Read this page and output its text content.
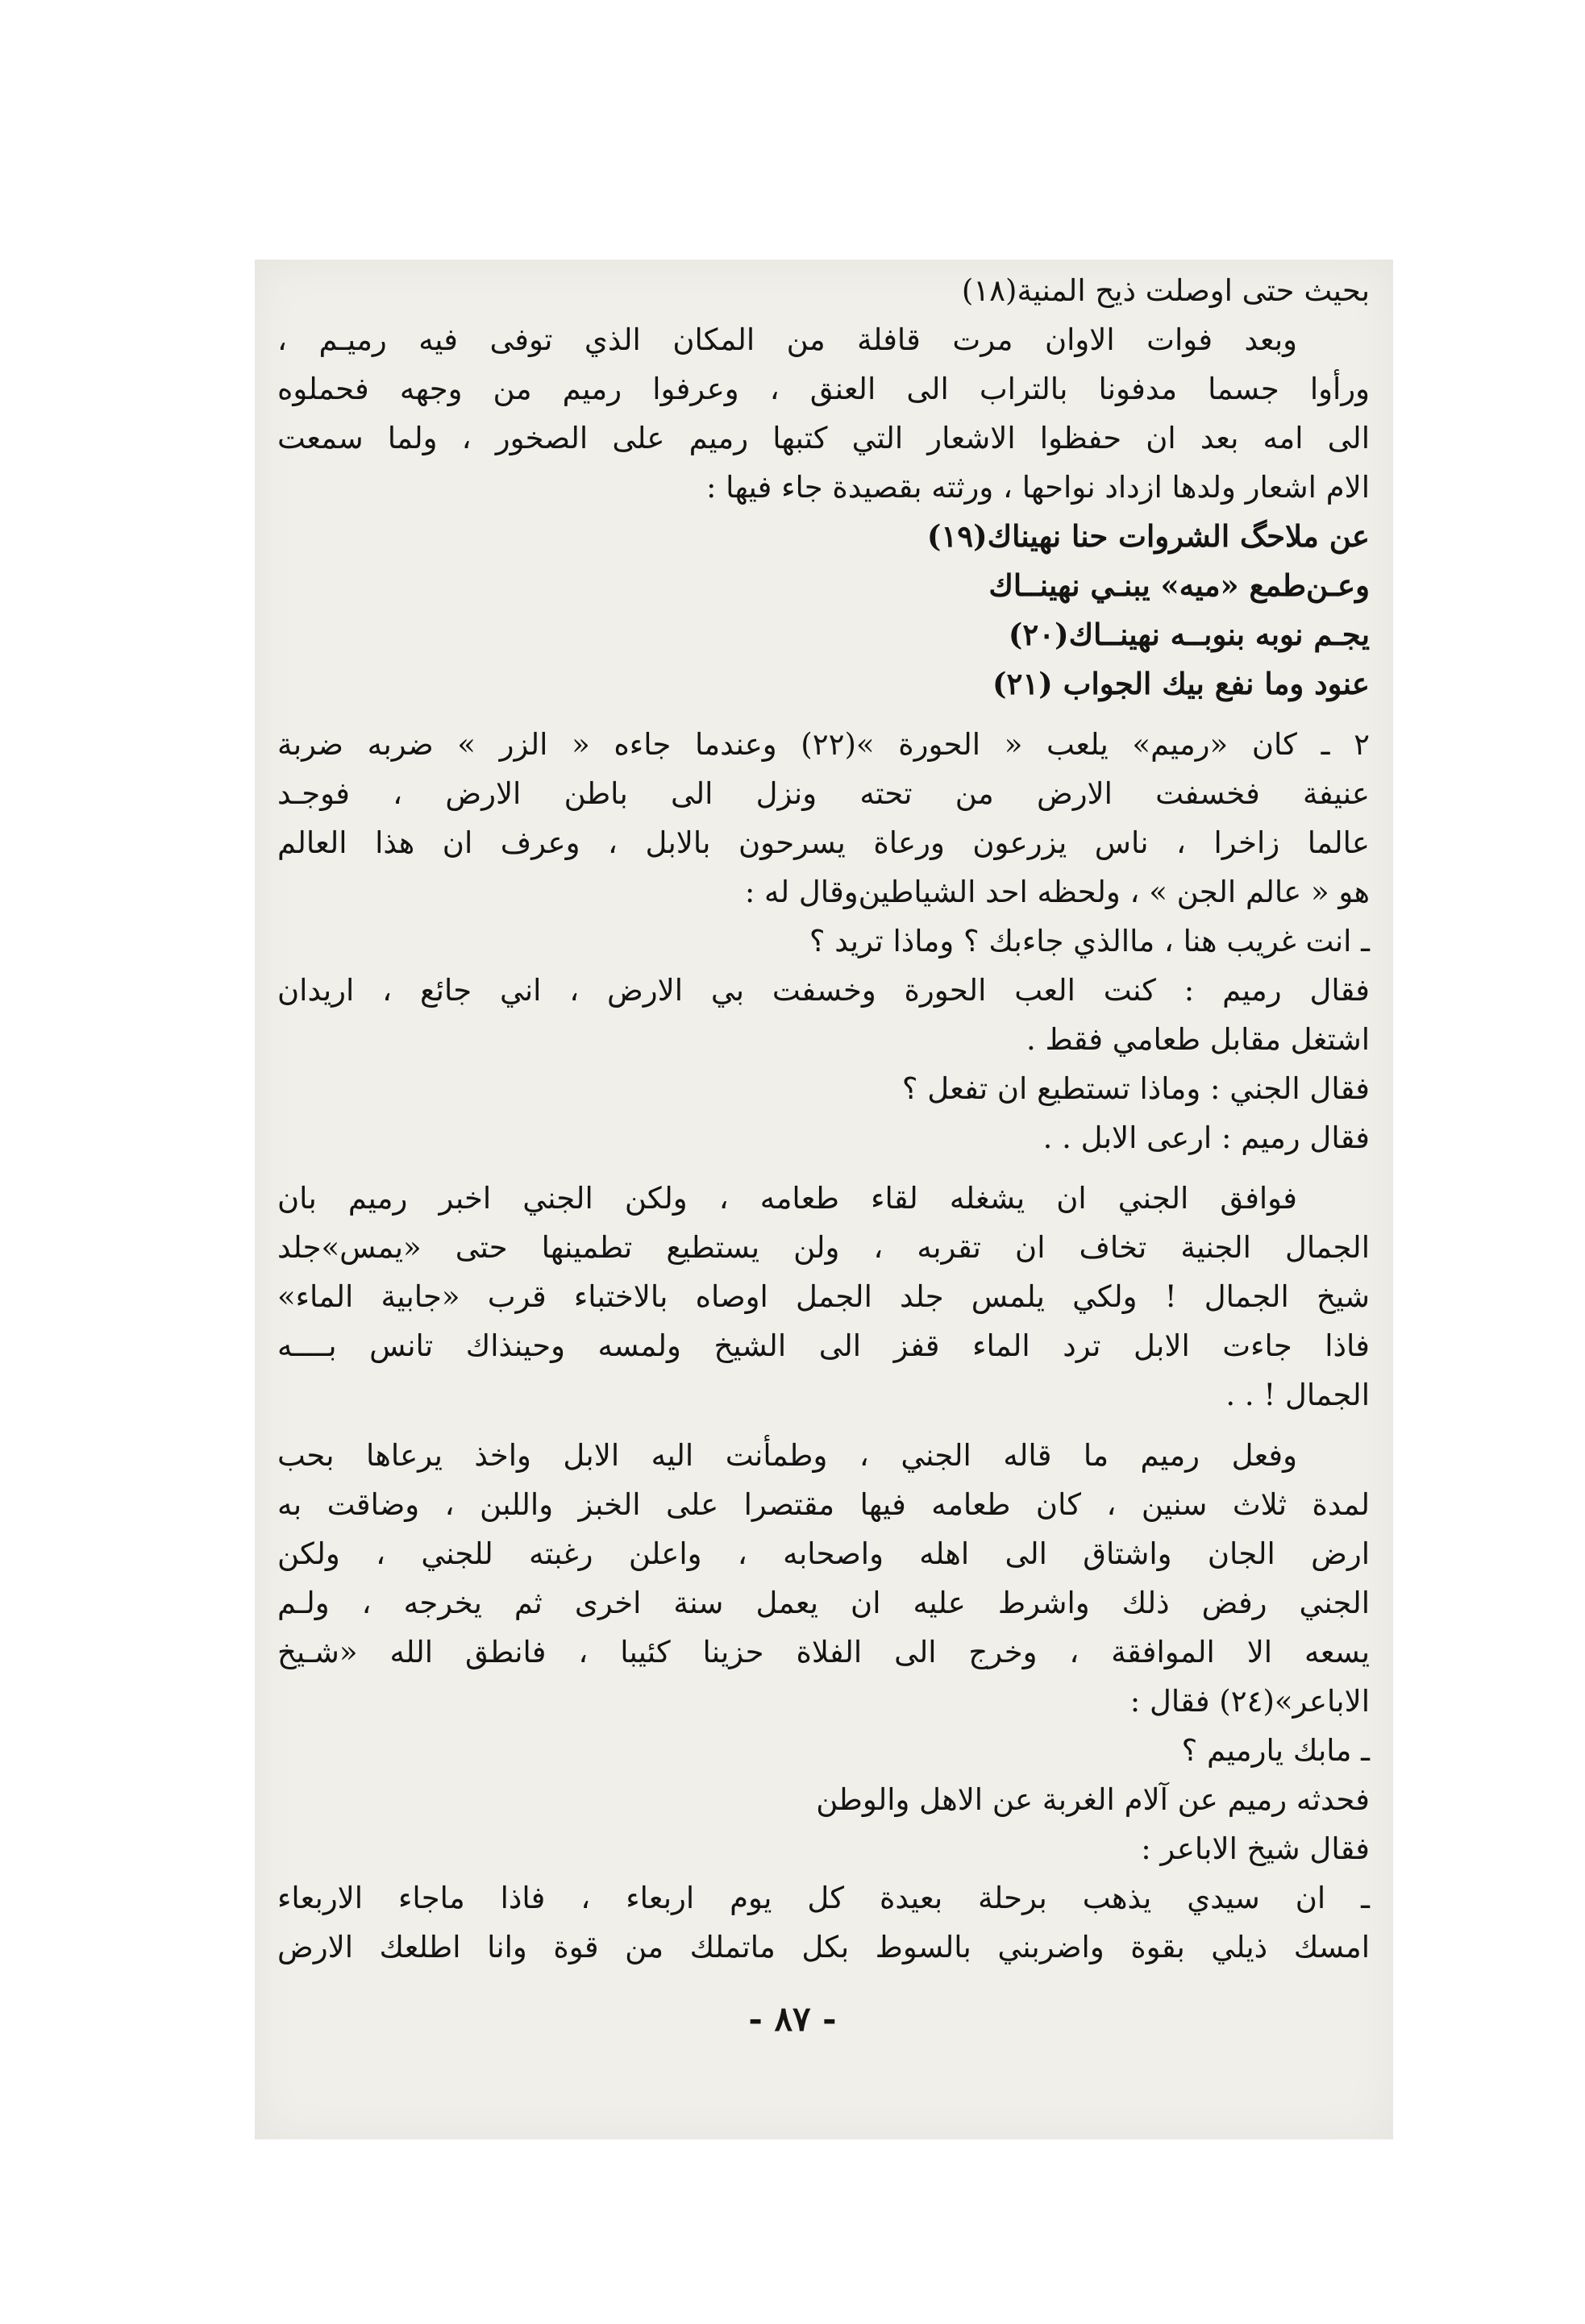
بحيث حتى اوصلت ذيح المنية(١٨)
وبعد فوات الاوان مرت قافلة من المكان الذي توفى فيه رميـم ،
ورأوا جسما مدفونا بالتراب الى العنق ، وعرفوا رميم من وجهه فحملوه
الى امه بعد ان حفظوا الاشعار التي كتبها رميم على الصخور ، ولما سمعت
الام اشعار ولدها ازداد نواحها ، ورثته بقصيدة جاء فيها :
عن ملاحگ الشروات حنا نهيناك(١٩)
وعـن‌طمع «ميه» يبنـي نهينــاك
يجـم نوبه بنوبــه نهينــاك(٢٠)
عنود وما نفع بيك الجواب (٢١)
٢ ـ كان «رميم» يلعب « الحورة »(٢٢) وعندما جاءه « الزر » ضربه ضربة
عنيفة فخسفت الارض من تحته ونزل الى باطن الارض ، فوجـد
عالما زاخرا ، ناس يزرعون ورعاة يسرحون بالابل ، وعرف ان هذا العالم
هو « عالم الجن » ، ولحظه احد الشياطين‌وقال له :
ـ انت غريب هنا ، ماالذي جاءبك ؟ وماذا تريد ؟
فقال رميم : كنت العب الحورة وخسفت بي الارض ، اني جائع ، اريدان
اشتغل مقابل طعامي فقط .
فقال الجني : وماذا تستطيع ان تفعل ؟
فقال رميم : ارعى الابل . .
فوافق الجني ان يشغله لقاء طعامه ، ولكن الجني اخبر رميم بان
الجمال الجنية تخاف ان تقربه ، ولن يستطيع تطمينها حتى «يمس»جلد
شيخ الجمال ! ولكي يلمس جلد الجمل اوصاه بالاختباء قرب «جابية الماء»
فاذا جاءت الابل ترد الماء قفز الى الشيخ ولمسه وحينذاك تانس بــــه
الجمال ! . .
وفعل رميم ما قاله الجني ، وطمأنت اليه الابل واخذ يرعاها بحب
لمدة ثلاث سنين ، كان طعامه فيها مقتصرا على الخبز واللبن ، وضاقت به
ارض الجان واشتاق الى اهله واصحابه ، واعلن رغبته للجني ، ولكن
الجني رفض ذلك واشرط عليه ان يعمل سنة اخرى ثم يخرجه ، ولـم
يسعه الا الموافقة ، وخرج الى الفلاة حزينا كئيبا ، فانطق الله «شـيخ
الاباعر»(٢٤) فقال :
ـ مابك يارميم ؟
فحدثه رميم عن آلام الغربة عن الاهل والوطن
فقال شيخ الاباعر :
ـ ان سيدي يذهب برحلة بعيدة كل يوم اربعاء ، فاذا ماجاء الاربعاء
امسك ذيلي بقوة واضربني بالسوط بكل ماتملك من قوة وانا اطلعك الارض
- ٨٧ -
